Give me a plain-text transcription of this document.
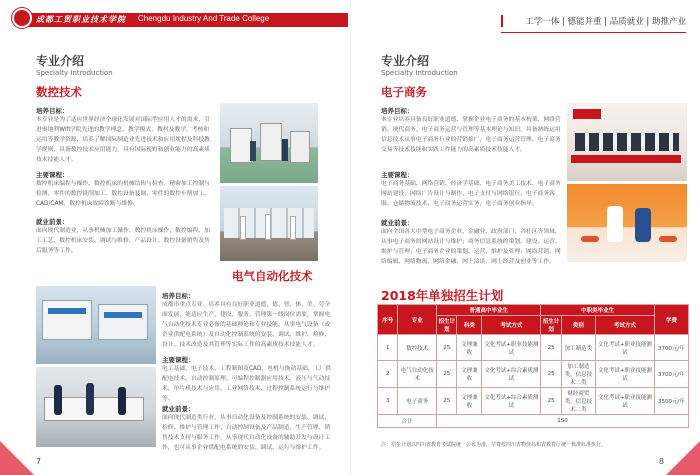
成都工贸职业技术学院 Chengdu Industry And Trade College
专业介绍
Specialty Introduction
数控技术
培养目标：
本专业是为了适应世界经济全球化发展对国际型应用人才的需求，引进奥地利Wifi学院先进的教学理念，教学模式，教材及教学，考核和运用等教学资源，培养了解国际制造业先进技术和应用规程及科技教学规则、具备数控技术应用能力，具有国际视野和创业能力的高素质技术技能人才。
主要课程：
数控机床编程与操作、数控机床的机械结构与检查、精密加工控制与检测、零件的数控铣削加工、数控设备装调、零件的数控车削加工、CAD/CAM、数控机床故障诊断与维修。
就业前景：
面向现代制造业，从事机械加工操作、数控机床操作、数控编程、加工工艺、数控机床安装、调试与维修、产品设计、数控设备销售及售后服务等工作。
电气自动化技术
培养目标：
成都市重点专业。培养具有良好职业道德、德、智、体、美、劳全面发展，能适应生产、建设、服务、管理第一线岗位需要，掌握电气自动化技术专业必备的基础理论和专业技能，从事电气设备（或企业供配电系统）及自动化控制系统的安装、调试、维护、检修、设计、技术改造及其管理等实际工作的高素质技术技能人才。
主要课程：
电工基础、电子技术、工程制图及CAD、电机与拖动基础、工厂供配电技术、自动控制原理、可编程控制器应用技术、液压与气动技术、单片机技术与应用、工业网络技术、过程控制系统运行与维护等。
就业前景：
面向现代制造类行业，从事自动化设备及控制系统的安装、调试、检修、维护与管理工作、自动控制设备及产品制造、生产管理、销售技术支持与服务工作，从事现代自动化设备的辅助开发与设计工作，也可从事企业供配电系统的安装、调试、运行与维护工作。
7
工学一体 | 德能并重 | 品质就业 | 助推产业
专业介绍
Specialty Introduction
电子商务
培养目标：
本专业培养具备良好职业道德、掌握企业电子商务的基本构架、网络营销、现代商务、电子商务运营与管理等基本理论与知识，具备熟练运用信息技术从事电子商务行业的营销推广、电子商务运营管理、电子商务交易等技术技能和实践工作能力的高素质技术技能人才。
主要课程：
电子商务基础、网络营销、经济学基础、电子商务美工技术、电子商务网站建设、网络广告设计与制作、电子支付与网络银行、电子商务客服、仓储物流技术、电子商务运营实务、电子商务创业指导。
就业前景：
面向全国各大中型电子商务企业、金融业、政府部门、各社区等领域，从事电子商务的网站设计与维护；商务信息系统的策划、建设、运营、维护与管理；电子商务企业的策划、运营、维护及管理；网络营销、网络编辑、网络物流、网络金融、网上洽谈、网上经营及创业等工作。
2018年单独招生计划
序号	专业	普通高中毕业生			中职类毕业生			学费
		招生计划	科类	考试方式	招生计划	类别	考试方式	
1	数控技术	25	文理兼收	文化考试+职业技能测试	25	加工制造类	文化考试+职业技能测试	3700元/年
2	电气自动化技术	25	文理兼收	文化考试+综合素质测试	25	加工制造类，信息技术二类	文化考试+职业技能测试	3700元/年
3	电子商务	25	文理兼收	文化考试+综合素质测试	25	财经商贸类，信息技术二类	文化考试+职业技能测试	3500元/年
合计		150						
注：招生计划以四川省教育考试院统一公布为准，学费按四川省物价局和省教育厅统一核准标准执行。
8
